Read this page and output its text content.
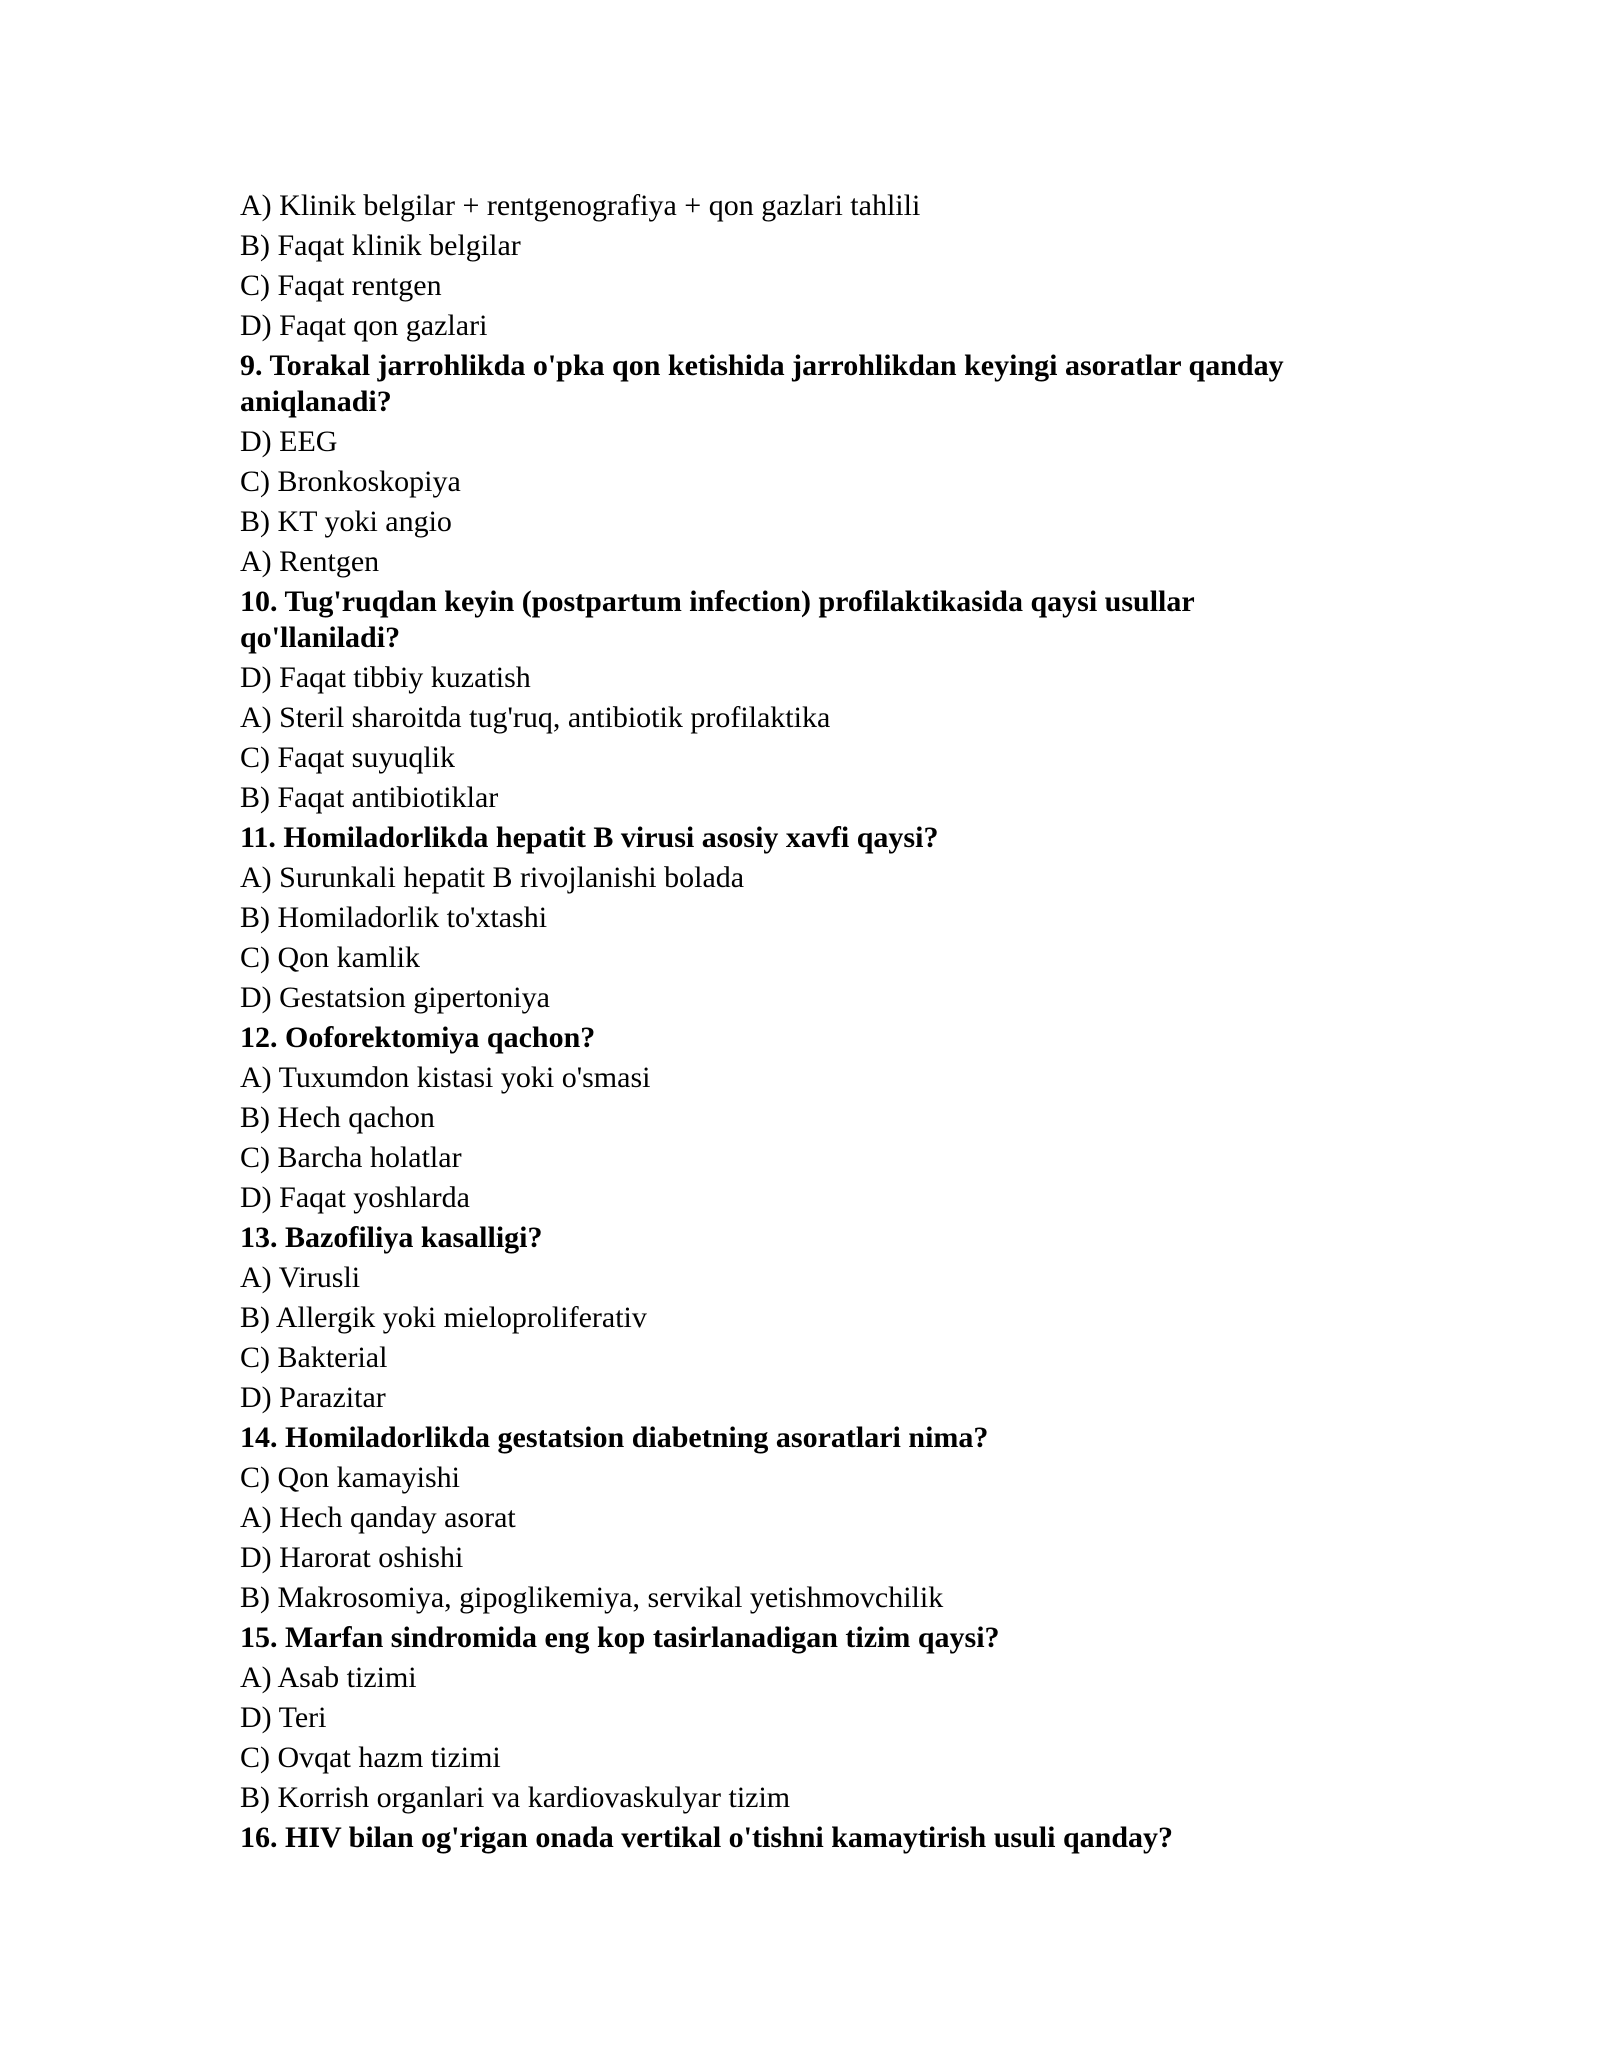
A) Klinik belgilar + rentgenografiya + qon gazlari tahlili
B) Faqat klinik belgilar
C) Faqat rentgen
D) Faqat qon gazlari
9. Torakal jarrohlikda o'pka qon ketishida jarrohlikdan keyingi asoratlar qanday aniqlanadi?
D) EEG
C) Bronkoskopiya
B) KT yoki angio
A) Rentgen
10. Tug'ruqdan keyin (postpartum infection) profilaktikasida qaysi usullar qo'llaniladi?
D) Faqat tibbiy kuzatish
A) Steril sharoitda tug'ruq, antibiotik profilaktika
C) Faqat suyuqlik
B) Faqat antibiotiklar
11. Homiladorlikda hepatit B virusi asosiy xavfi qaysi?
A) Surunkali hepatit B rivojlanishi bolada
B) Homiladorlik to'xtashi
C) Qon kamlik
D) Gestatsion gipertoniya
12. Ooforektomiya qachon?
A) Tuxumdon kistasi yoki o'smasi
B) Hech qachon
C) Barcha holatlar
D) Faqat yoshlarda
13. Bazofiliya kasalligi?
A) Virusli
B) Allergik yoki mieloproliferativ
C) Bakterial
D) Parazitar
14. Homiladorlikda gestatsion diabetning asoratlari nima?
C) Qon kamayishi
A) Hech qanday asorat
D) Harorat oshishi
B) Makrosomiya, gipoglikemiya, servikal yetishmovchilik
15. Marfan sindromida eng kop tasirlanadigan tizim qaysi?
A) Asab tizimi
D) Teri
C) Ovqat hazm tizimi
B) Korrish organlari va kardiovaskulyar tizim
16. HIV bilan og'rigan onada vertikal o'tishni kamaytirish usuli qanday?
